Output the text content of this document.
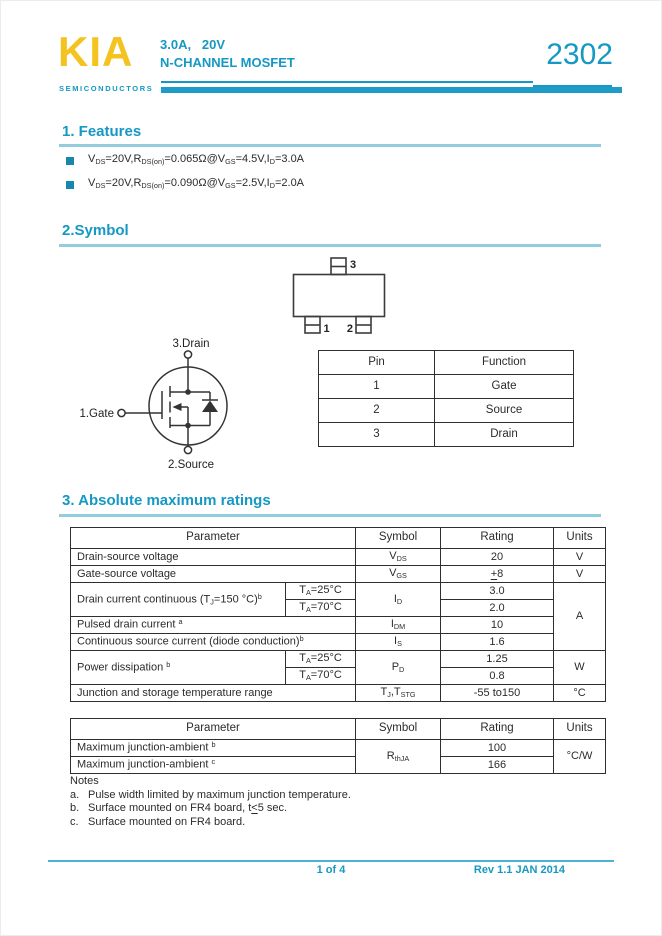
KIA
SEMICONDUCTORS
3.0A,   20V
N-CHANNEL MOSFET	2302
1. Features
$V_{DS}=20V,R_{DS(on)}=0.065\Omega@V_{GS}=4.5V,I_D=3.0A$
$V_{DS}=20V,R_{DS(on)}=0.090\Omega@V_{GS}=2.5V,I_D=2.0A$
2.Symbol
3
1 2
3.Drain
1.Gate
2.Source
Pin	Function
1	Gate
2	Source
3	Drain
3. Absolute maximum ratings
Parameter		Symbol	Rating	Units
Drain-source voltage		$V_{DS}$	20	V
Gate-source voltage		$V_{GS}$	+8	V
Drain current continuous ($T_J=150$ °C)$^b$	$T_A=25^\circ C$	$I_D$	3.0	A
	$T_A=70^\circ C$		2.0	
Pulsed drain current $^a$		$I_{DM}$	10	
Continuous source current (diode conduction)$^b$		$I_S$	1.6	
Power dissipation $^b$	$T_A=25^\circ C$	$P_D$	1.25	W
	$T_A=70^\circ C$		0.8	
Junction and storage temperature range		$T_J,T_{STG}$	-55 to150	°C
Parameter	Symbol	Rating	Units
Maximum junction-ambient $^b$	$R_{thJA}$	100	°C/W
Maximum junction-ambient $^c$		166	
Notes
a. Pulse width limited by maximum junction temperature.
b. Surface mounted on FR4 board, t<5 sec.
c. Surface mounted on FR4 board.
1 of 4	Rev 1.1 JAN 2014
